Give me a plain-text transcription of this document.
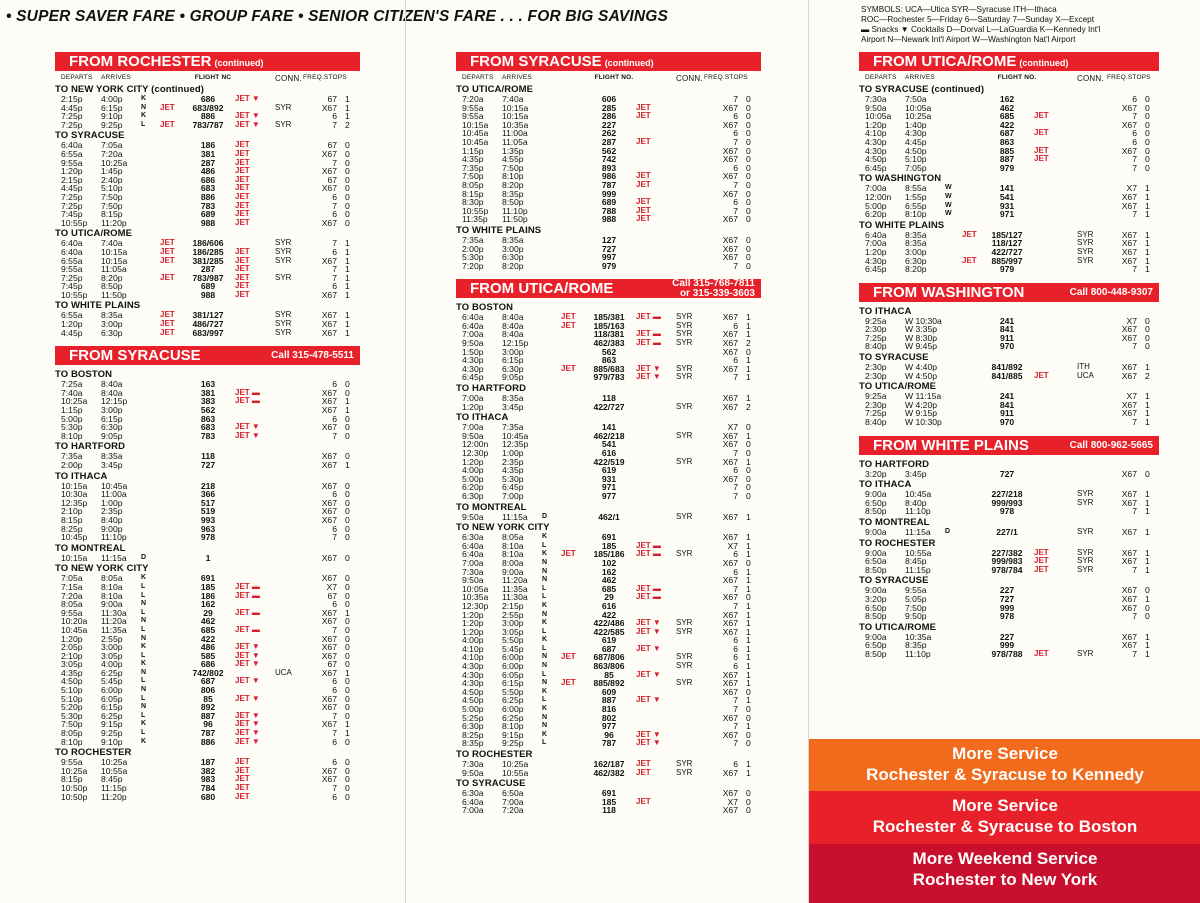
• SUPER SAVER FARE • GROUP FARE • SENIOR CITIZEN'S FARE . . . FOR BIG SAVINGS
FROM ROCHESTER (continued)
DEPARTS ARRIVES	FLIGHT NC	CONN. FREQ.STOPS
TO NEW YORK CITY (continued)
2:15p 4:00p	K	686	JET ▼	67 1
4:45p 6:15p	N JET	683/892	SYR	X67 1
7:25p 9:10p	K	886	JET ▼	6 1
7:25p 9:25p	L JET	783/787	JET ▼ SYR	7 2
TO SYRACUSE
6:40a 7:05a	186	JET	67 0
6:55a 7:20a	381	JET	X67 0
9:55a 10:25a	287	JET	7 0
1:20p 1:45p	486	JET	X67 0
2:15p 2:40p	686	JET	67 0
4:45p 5:10p	683	JET	X67 0
7:25p 7:50p	886	JET	6 0
7:25p 7:50p	783	JET	7 0
7:45p 8:15p	689	JET	6 0
10:55p 11:20p	988	JET	X67 0
TO UTICA/ROME
6:40a 7:40a	JET	186/606	SYR	7 1
6:40a 10:15a	JET	186/285	JET	SYR	6 1
6:55a 10:15a	JET	381/285	JET	SYR	X67 1
9:55a 11:05a	287	JET	7 1
7:25p 8:20p	JET	783/987	JET	SYR	7 1
7:45p 8:50p	689	JET	6 1
10:55p 11:50p	988	JET	X67 1
TO WHITE PLAINS
6:55a 8:35a	JET	381/127	SYR	X67 1
1:20p 3:00p	JET	486/727	SYR	X67 1
4:45p 6:30p	JET	683/997	SYR	X67 1
FROM SYRACUSE	Call 315-478-5511
TO BOSTON
7:25a 8:40a	163	6 0
7:40a 8:40a	381	JET ▬	X67 0
10:25a 12:15p	383	JET ▬	X67 1
1:15p 3:00p	562	X67 1
5:00p 6:15p	863	6 0
5:30p 6:30p	683	JET ▼	X67 0
8:10p 9:05p	783	JET ▼	7 0
TO HARTFORD
7:35a 8:35a	118	X67 0
2:00p 3:45p	727	X67 1
TO ITHACA
10:15a 10:45a	218	X67 0
10:30a 11:00a	366	6 0
12:35p 1:00p	517	X67 0
2:10p 2:35p	519	X67 0
8:15p 8:40p	993	X67 0
8:25p 9:00p	963	6 0
10:45p 11:10p	978	7 0
TO MONTREAL
10:15a 11:15a D	1	X67 0
TO NEW YORK CITY
7:05a 8:05a	K	691	X67 0
7:15a 8:10a	L	185	JET ▬	X7 0
7:20a 8:10a	L	186	JET ▬	67 0
8:05a 9:00a	N	162	6 0
9:55a 11:30a L	29	JET ▬	X67 1
10:20a 11:20a N	462	X67 0
10:45a 11:35a L	685	JET ▬	7 0
1:20p 2:55p	N	422	X67 0
2:05p 3:00p	K	486	JET ▼	X67 0
2:10p 3:05p	L	585	JET ▼	X67 0
3:05p 4:00p	K	686	JET ▼	67 0
4:35p 6:25p	N	742/802	UCA	X67 1
4:50p 5:45p	L	687	JET ▼	6 0
5:10p 6:00p	N	806	6 0
5:10p 6:05p	L	85	JET ▼	X67 0
5:20p 6:15p	N	892	X67 0
5:30p 6:25p	L	887	JET ▼	7 0
7:50p 9:15p	K	96	JET ▼	X67 1
8:05p 9:25p	L	787	JET ▼	7 1
8:10p 9:10p	K	886	JET ▼	6 0
TO ROCHESTER
9:55a 10:25a	187	JET	6 0
10:25a 10:55a	382	JET	X67 0
8:15p 8:45p	983	JET	X67 0
10:50p 11:15p	784	JET	7 0
10:50p 11:20p	680	JET	6 0
FROM SYRACUSE (continued)
DEPARTS ARRIVES	FLIGHT NO.	CONN. FREQ.STOPS
TO UTICA/ROME
7:20a 7:40a	606	7 0
9:55a 10:15a	285	JET	X67 0
9:55a 10:15a	286	JET	6 0
10:15a 10:35a	227	X67 0
10:45a 11:00a	262	6 0
10:45a 11:05a	287	JET	7 0
1:15p 1:35p	562	X67 0
4:35p 4:55p	742	X67 0
7:35p 7:50p	893	6 0
7:50p 8:10p	986	JET	X67 0
8:05p 8:20p	787	JET	7 0
8:15p 8:35p	999	X67 0
8:30p 8:50p	689	JET	6 0
10:55p 11:10p	788	JET	7 0
11:35p 11:50p	988	JET	X67 0
TO WHITE PLAINS
7:35a 8:35a	127	X67 0
2:00p 3:00p	727	X67 0
5:30p 6:30p	997	X67 0
7:20p 8:20p	979	7 0
FROM UTICA/ROME	Call 315-768-7811
or 315-339-3603
TO BOSTON
6:40a 8:40a	JET	185/381	JET ▬ SYR	X67 1
6:40a 8:40a	JET	185/163	SYR	6 1
7:00a 8:40a	118/381	JET ▬ SYR	X67 1
9:50a 12:15p	462/383	JET ▬ SYR	X67 2
1:50p 3:00p	562	X67 0
4:30p 6:15p	863	6 1
4:30p 6:30p	JET	885/683	JET ▼ SYR	X67 1
6:45p 9:05p	979/783	JET ▼ SYR	7 1
TO HARTFORD
7:00a 8:35a	118	X67 1
1:20p 3:45p	422/727	SYR	X67 2
TO ITHACA
7:00a 7:35a	141	X7 0
9:50a 10:45a	462/218	SYR	X67 1
12:00n 12:35p	541	X67 0
12:30p 1:00p	616	7 0
1:20p 2:35p	422/519	SYR	X67 1
4:00p 4:35p	619	6 0
5:00p 5:30p	931	X67 0
6:20p 6:45p	971	7 0
6:30p 7:00p	977	7 0
TO MONTREAL
9:50a 11:15a D	462/1	SYR	X67 1
TO NEW YORK CITY
6:30a 8:05a	K	691	X67 1
6:40a 8:10a	L	185	JET ▬	X7 1
6:40a 8:10a	K JET	185/186	JET ▬ SYR	6 1
7:00a 8:00a	N	102	X67 0
7:30a 9:00a	N	162	6 1
9:50a 11:20a N	462	X67 1
10:05a 11:35a L	685	JET ▬	7 1
10:35a 11:30a L	29	JET ▬	X67 0
12:30p 2:15p	K	616	7 1
1:20p 2:55p	N	422	X67 1
1:20p 3:00p	K	422/486	JET ▼ SYR	X67 1
1:20p 3:05p	L	422/585	JET ▼ SYR	X67 1
4:00p 5:50p	K	619	6 1
4:10p 5:45p	L	687	JET ▼	6 1
4:10p 6:00p	N JET	687/806	SYR	6 1
4:30p 6:00p	N	863/806	SYR	6 1
4:30p 6:05p	L	85	JET ▼	X67 1
4:30p 6:15p	N JET	885/892	SYR	X67 1
4:50p 5:50p	K	609	X67 0
4:50p 6:25p	L	887	JET ▼	7 1
5:00p 6:00p	K	816	7 0
5:25p 6:25p	N	802	X67 0
6:30p 8:10p	N	977	7 1
8:25p 9:15p	K	96	JET ▼	X67 0
8:35p 9:25p	L	787	JET ▼	7 0
TO ROCHESTER
7:30a 10:25a	162/187	JET	SYR	6 1
9:50a 10:55a	462/382	JET	SYR	X67 1
TO SYRACUSE
6:30a 6:50a	691	X67 0
6:40a 7:00a	185	JET	X7 0
7:00a 7:20a	118	X67 0
SYMBOLS: UCA—Utica SYR—Syracuse ITH—Ithaca
ROC—Rochester 5—Friday 6—Saturday 7—Sunday X—Except
▬ Snacks ▼ Cocktails D—Dorval L—LaGuardia K—Kennedy Int'l
Airport N—Newark Int'l Airport W—Washington Nat'l Airport
More Service
Rochester & Syracuse to Kennedy
More Service
Rochester & Syracuse to Boston
More Weekend Service
Rochester to New York
FROM UTICA/ROME (continued)
DEPARTS ARRIVES	FLIGHT NO.	CONN. FREQ.STOPS
TO SYRACUSE (continued)
7:30a 7:50a	162	6 0
9:50a 10:05a	462	X67 0
10:05a 10:25a	685	JET	7 0
1:20p 1:40p	422	X67 0
4:10p 4:30p	687	JET	6 0
4:30p 4:45p	863	6 0
4:30p 4:50p	885	JET	X67 0
4:50p 5:10p	887	JET	7 0
6:45p 7:05p	979	7 0
TO WASHINGTON
7:00a 8:55a	W	141	X7 1
12:00n 1:55p	W	541	X67 1
5:00p 6:55p	W	931	X67 1
6:20p 8:10p	W	971	7 1
TO WHITE PLAINS
6:40a 8:35a	JET	185/127	SYR	X67 1
7:00a 8:35a	118/127	SYR	X67 1
1:20p 3:00p	422/727	SYR	X67 1
4:30p 6:30p	JET	885/997	SYR	X67 1
6:45p 8:20p	979	7 1
FROM WASHINGTON	Call 800-448-9307
TO ITHACA
9:25a W 10:30a	241	X7 0
2:30p W 3:35p	841	X67 0
7:25p W 8:30p	911	X67 0
8:40p W 9:45p	970	7 0
TO SYRACUSE
2:30p W 4:40p	841/892	ITH	X67 1
2:30p W 4:50p	841/885	JET	UCA	X67 2
TO UTICA/ROME
9:25a W 11:15a	241	X7 1
2:30p W 4:20p	841	X67 1
7:25p W 9:15p	911	X67 1
8:40p W 10:30p	970	7 1
FROM WHITE PLAINS	Call 800-962-5665
TO HARTFORD
3:20p 3:45p	727	X67 0
TO ITHACA
9:00a 10:45a	227/218	SYR	X67 1
6:50p 8:40p	999/993	SYR	X67 1
8:50p 11:10p	978	7 1
TO MONTREAL
9:00a 11:15a D	227/1	SYR	X67 1
TO ROCHESTER
9:00a 10:55a	227/382	JET	SYR	X67 1
6:50a 8:45p	999/983	JET	SYR	X67 1
8:50p 11:15p	978/784	JET	SYR	7 1
TO SYRACUSE
9:00a 9:55a	227	X67 0
3:20p 5:05p	727	X67 1
6:50p 7:50p	999	X67 0
8:50p 9:50p	978	7 0
TO UTICA/ROME
9:00a 10:35a	227	X67 1
6:50p 8:35p	999	X67 1
8:50p 11:10p	978/788	JET	SYR	7 1
